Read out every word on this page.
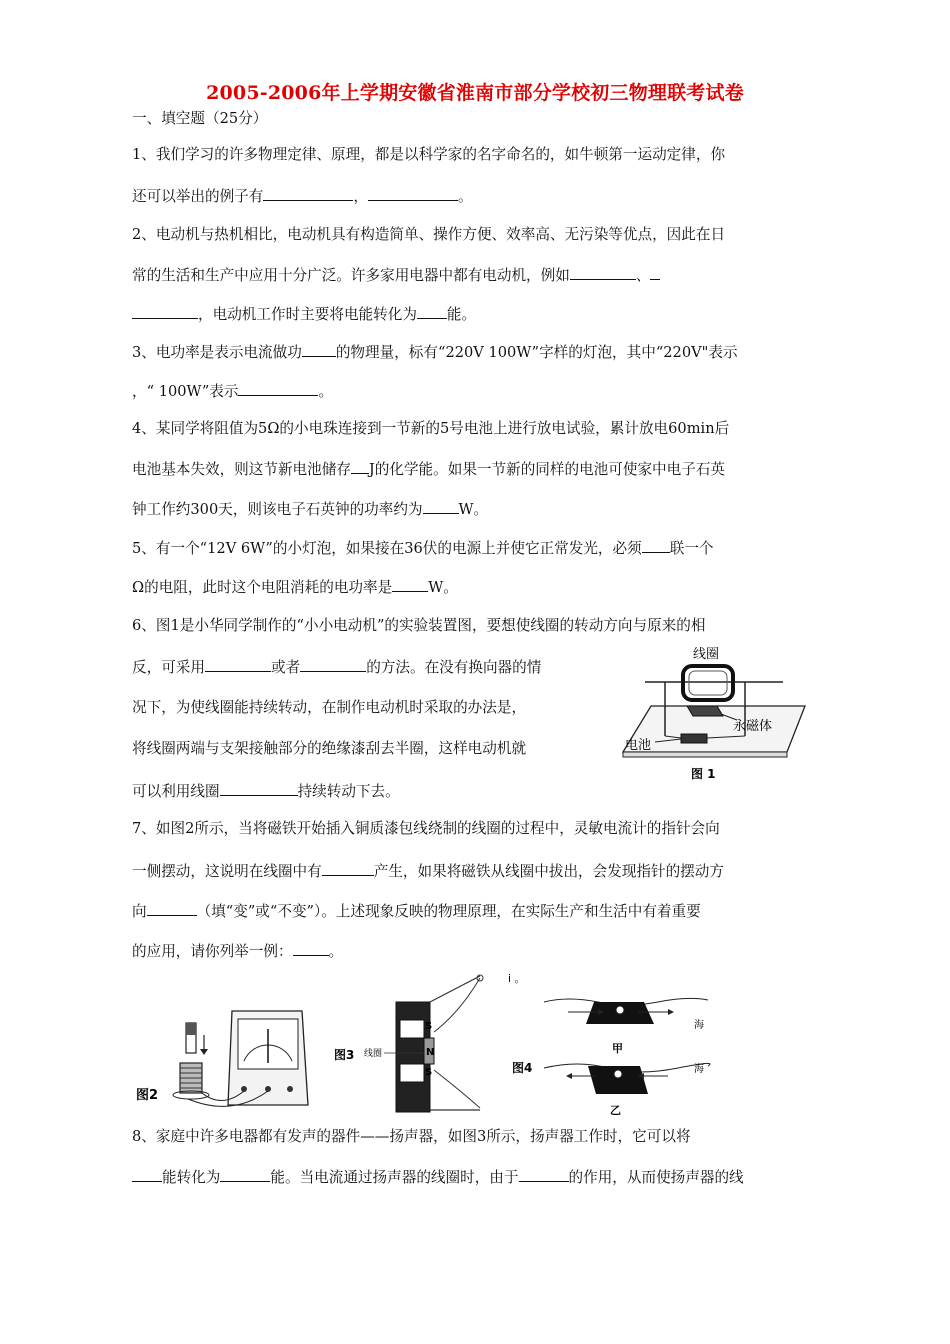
2005-2006年上学期安徽省淮南市部分学校初三物理联考试卷
一、填空题（25分）
1、我们学习的许多物理定律、原理，都是以科学家的名字命名的，如牛顿第一运动定律，你
还可以举出的例子有	，	。
2、电动机与热机相比，电动机具有构造简单、操作方便、效率高、无污染等优点，因此在日
常的生活和生产中应用十分广泛。许多家用电器中都有电动机，例如	、
，电动机工作时主要将电能转化为 能。
3、电功率是表示电流做功 的物理量，标有“220V 100W”字样的灯泡，其中“220V"表示
，“ 100W”表示	。
4、某同学将阻值为5Ω的小电珠连接到一节新的5号电池上进行放电试验，累计放电60min后
电池基本失效，则这节新电池储存 J的化学能。如果一节新的同样的电池可使家中电子石英
钟工作约300天，则该电子石英钟的功率约为 W。
5、有一个“12V 6W”的小灯泡，如果接在36伏的电源上并使它正常发光，必须 联一个
Ω的电阻，此时这个电阻消耗的电功率是 W。
6、图1是小华同学制作的“小小电动机”的实验装置图，要想使线圈的转动方向与原来的相
反，可采用	或者	的方法。在没有换向器的情
况下，为使线圈能持续转动，在制作电动机时采取的办法是，
将线圈两端与支架接触部分的绝缘漆刮去半圈，这样电动机就
可以利用线圈	持续转动下去。
线圈
永磁体
电池
图 1
7、如图2所示，当将磁铁开始插入铜质漆包线绕制的线圈的过程中，灵敏电流计的指针会向
一侧摆动，这说明在线圈中有	产生，如果将磁铁从线圈中拔出，会发现指针的摆动方
向	（填“变”或“不变”）。上述现象反映的物理原理，在实际生产和生活中有着重要
的应用，请你列举一例： 。
图2
S
N
S
线圈
图3
i 。
海
甲
海
乙
图4
8、家庭中许多电器都有发声的器件——扬声器，如图3所示，扬声器工作时，它可以将
能转化为	能。当电流通过扬声器的线圈时，由于	的作用，从而使扬声器的线
